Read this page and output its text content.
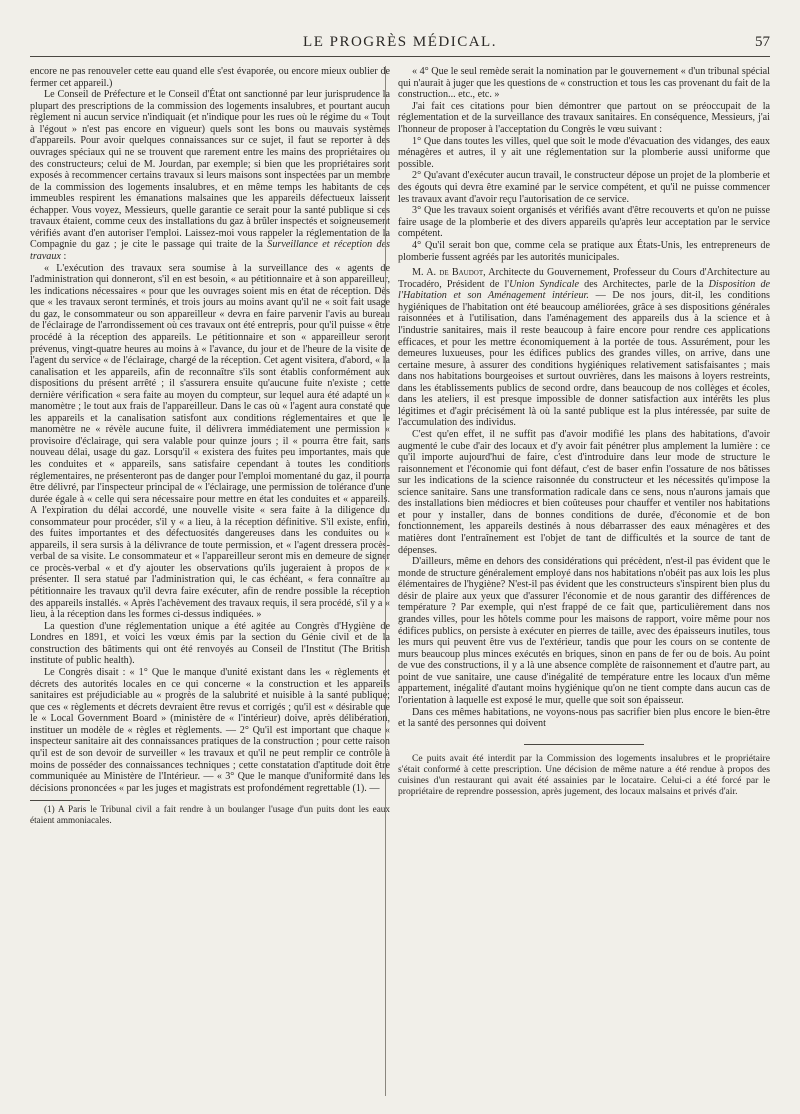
LE PROGRÈS MÉDICAL.	57

encore ne pas renouveler cette eau quand elle s'est évaporée, ou encore mieux oublier de fermer cet appareil.)

Le Conseil de Préfecture et le Conseil d'État ont sanctionné par leur jurisprudence la plupart des prescriptions de la commission des logements insalubres, et pourtant aucun règlement ni aucun service n'indiquait (et n'indique pour les rues où le régime du « Tout à l'égout » n'est pas encore en vigueur) quels sont les bons ou mauvais systèmes d'appareils. Pour avoir quelques connaissances sur ce sujet, il faut se reporter à des ouvrages spéciaux qui ne se trouvent que rarement entre les mains des propriétaires ou des constructeurs; celui de M. Jourdan, par exemple; si bien que les propriétaires sont exposés à recommencer certains travaux si leurs maisons sont inspectées par un membre de la commission des logements insalubres, et en même temps les habitants de ces immeubles respirent les émanations malsaines que les appareils défectueux laissent échapper. Vous voyez, Messieurs, quelle garantie ce serait pour la santé publique si ces travaux étaient, comme ceux des installations du gaz à brûler inspectés et soigneusement vérifiés avant d'en autoriser l'emploi. Laissez-moi vous rappeler la réglementation de la Compagnie du gaz ; je cite le passage qui traite de la Surveillance et réception des travaux :

« L'exécution des travaux sera soumise à la surveillance des « agents de l'administration qui donneront, s'il en est besoin, « au pétitionnaire et à son appareilleur, les indications nécessaires « pour que les ouvrages soient mis en état de réception. Dès que « les travaux seront terminés, et trois jours au moins avant qu'il ne « soit fait usage du gaz, le consommateur ou son appareilleur « devra en faire parvenir l'avis au bureau de l'éclairage de l'arrondissement où ces travaux ont été entrepris, pour qu'il puisse « être procédé à la réception des appareils. Le pétitionnaire et son « appareilleur seront prévenus, vingt-quatre heures au moins à « l'avance, du jour et de l'heure de la visite de l'agent du service « de l'éclairage, chargé de la réception. Cet agent visitera, d'abord, « la canalisation et les appareils, afin de reconnaître s'ils sont établis conformément aux dispositions du présent arrêté ; il s'assurera ensuite qu'aucune fuite n'existe ; cette dernière vérification « sera faite au moyen du compteur, sur lequel aura été adapté un « manomètre ; le tout aux frais de l'appareilleur. Dans le cas où « l'agent aura constaté que les appareils et la canalisation satisfont aux conditions réglementaires et que le manomètre ne « révèle aucune fuite, il délivrera immédiatement une permission « provisoire d'éclairage, qui sera valable pour quinze jours ; il « pourra être fait, sans nouveau délai, usage du gaz. Lorsqu'il « existera des fuites peu importantes, mais que les conduites et « appareils, sans satisfaire cependant à toutes les conditions réglementaires, ne présenteront pas de danger pour l'emploi momentané du gaz, il pourra être délivré, par l'inspecteur principal de « l'éclairage, une permission de tolérance d'une durée égale à « celle qui sera nécessaire pour mettre en état les conduites et « appareils. A l'expiration du délai accordé, une nouvelle visite « sera faite à la diligence du consommateur pour procéder, s'il y « a lieu, à la réception définitive. S'il existe, enfin, des fuites importantes et des défectuosités dangereuses dans les conduites ou « appareils, il sera sursis à la délivrance de toute permission, et « l'agent dressera procès-verbal de sa visite. Le consommateur et « l'appareilleur seront mis en demeure de signer ce procès-verbal « et d'y ajouter les observations qu'ils jugeraient à propos de « présenter. Il sera statué par l'administration qui, le cas échéant, « fera connaître au pétitionnaire les travaux qu'il devra faire exécuter, afin de rendre possible la réception des appareils installés. « Après l'achèvement des travaux requis, il sera procédé, s'il y a « lieu, à la réception dans les formes ci-dessus indiquées. »

La question d'une réglementation unique a été agitée au Congrès d'Hygiène de Londres en 1891, et voici les vœux émis par la section du Génie civil et de la construction des bâtiments qui ont été renvoyés au Conseil de l'Institut (The British institute of public health).

Le Congrès disait : « 1° Que le manque d'unité existant dans les « règlements et décrets des autorités locales en ce qui concerne « la construction et les appareils sanitaires est préjudiciable au « progrès de la salubrité et nuisible à la santé publique; que ces « règlements et décrets devraient être revus et corrigés ; qu'il est « désirable que le « Local Government Board » (ministère de « l'intérieur) doive, après délibération, instituer un modèle de « règles et règlements. — 2° Qu'il est important que chaque « inspecteur sanitaire ait des connaissances pratiques de la construction ; pour cette raison qu'il est de son devoir de surveiller « les travaux et qu'il ne peut remplir ce contrôle à moins de posséder des connaissances techniques ; cette constatation d'aptitude doit être communiquée au Ministère de l'Intérieur. — « 3° Que le manque d'uniformité dans les décisions prononcées « par les juges et magistrats est profondément regrettable (1). —

(1) A Paris le Tribunal civil a fait rendre à un boulanger l'usage d'un puits dont les eaux étaient ammoniacales.

« 4° Que le seul remède serait la nomination par le gouvernement « d'un tribunal spécial qui n'aurait à juger que les questions de « construction et tous les cas provenant du fait de la construction... etc., etc. »

J'ai fait ces citations pour bien démontrer que partout on se préoccupait de la réglementation et de la surveillance des travaux sanitaires. En conséquence, Messieurs, j'ai l'honneur de proposer à l'acceptation du Congrès le vœu suivant :

1° Que dans toutes les villes, quel que soit le mode d'évacuation des vidanges, des eaux ménagères et autres, il y ait une réglementation sur la plomberie aussi uniforme que possible.

2° Qu'avant d'exécuter aucun travail, le constructeur dépose un projet de la plomberie et des égouts qui devra être examiné par le service compétent, et qu'il ne puisse commencer les travaux avant d'avoir reçu l'autorisation de ce service.

3° Que les travaux soient organisés et vérifiés avant d'être recouverts et qu'on ne puisse faire usage de la plomberie et des divers appareils qu'après leur acceptation par le service compétent.

4° Qu'il serait bon que, comme cela se pratique aux États-Unis, les entrepreneurs de plomberie fussent agréés par les autorités municipales.

M. A. de Baudot, Architecte du Gouvernement, Professeur du Cours d'Architecture au Trocadéro, Président de l'Union Syndicale des Architectes, parle de la Disposition de l'Habitation et son Aménagement intérieur. — De nos jours, dit-il, les conditions hygiéniques de l'habitation ont été beaucoup améliorées, grâce à ses dispositions générales raisonnées et à l'utilisation, dans l'aménagement des appareils dus à la science et à l'industrie sanitaires, mais il reste beaucoup à faire encore pour rendre ces applications efficaces, et pour les mettre économiquement à la portée de tous. Assurément, pour les demeures luxueuses, pour les édifices publics des grandes villes, on arrive, dans une certaine mesure, à assurer des conditions hygiéniques relativement satisfaisantes ; mais dans nos habitations bourgeoises et surtout ouvrières, dans les maisons à loyers restreints, dans les établissements publics de second ordre, dans beaucoup de nos collèges et écoles, dans les ateliers, il est presque impossible de donner satisfaction aux intérêts les plus légitimes et d'agir précisément là où la santé publique est la plus intéressée, par suite de l'accumulation des individus.

C'est qu'en effet, il ne suffit pas d'avoir modifié les plans des habitations, d'avoir augmenté le cube d'air des locaux et d'y avoir fait pénétrer plus amplement la lumière : ce qu'il importe aujourd'hui de faire, c'est d'introduire dans leur mode de structure le raisonnement et l'économie qui font défaut, c'est de baser enfin l'ossature de nos bâtisses sur les indications de la science raisonnée du constructeur et les nécessités qu'impose la science sanitaire. Sans une transformation radicale dans ce sens, nous n'aurons jamais que des installations bien médiocres et bien coûteuses pour chauffer et ventiler nos habitations et pour y installer, dans de bonnes conditions de durée, d'économie et de bon fonctionnement, les appareils destinés à nous débarrasser des eaux ménagères et des matières dont l'entraînement est l'objet de tant de difficultés et la source de tant de dépenses.

D'ailleurs, même en dehors des considérations qui précèdent, n'est-il pas évident que le monde de structure généralement employé dans nos habitations n'obéit pas aux lois les plus élémentaires de l'hygiène? N'est-il pas évident que les constructeurs s'inspirent bien plus du désir de plaire aux yeux que d'assurer l'économie et de nous garantir des différences de température ? Par exemple, qui n'est frappé de ce fait que, particulièrement dans nos grandes villes, pour les hôtels comme pour les maisons de rapport, voire même pour nos édifices publics, on persiste à exécuter en pierres de taille, avec des épaisseurs inutiles, tous les murs qui peuvent être vus de l'extérieur, tandis que pour les cours on se contente de murs beaucoup plus minces exécutés en briques, sinon en pans de fer ou de bois. Au point de vue des constructions, il y a là une absence complète de raisonnement et d'autre part, au point de vue sanitaire, une cause d'inégalité de température entre les locaux d'un même appartement, inégalité d'autant moins hygiénique qu'on ne tient compte dans aucun cas de l'orientation à laquelle est exposé le mur, quelle que soit son épaisseur.

Dans ces mêmes habitations, ne voyons-nous pas sacrifier bien plus encore le bien-être et la santé des personnes qui doivent

Ce puits avait été interdit par la Commission des logements insalubres et le propriétaire s'était conformé à cette prescription. Une décision de même nature a été rendue à propos des cuisines d'un restaurant qui avait été assainies par le locataire. Celui-ci a été forcé par le propriétaire de reprendre possession, après jugement, des locaux malsains et privés d'air.
